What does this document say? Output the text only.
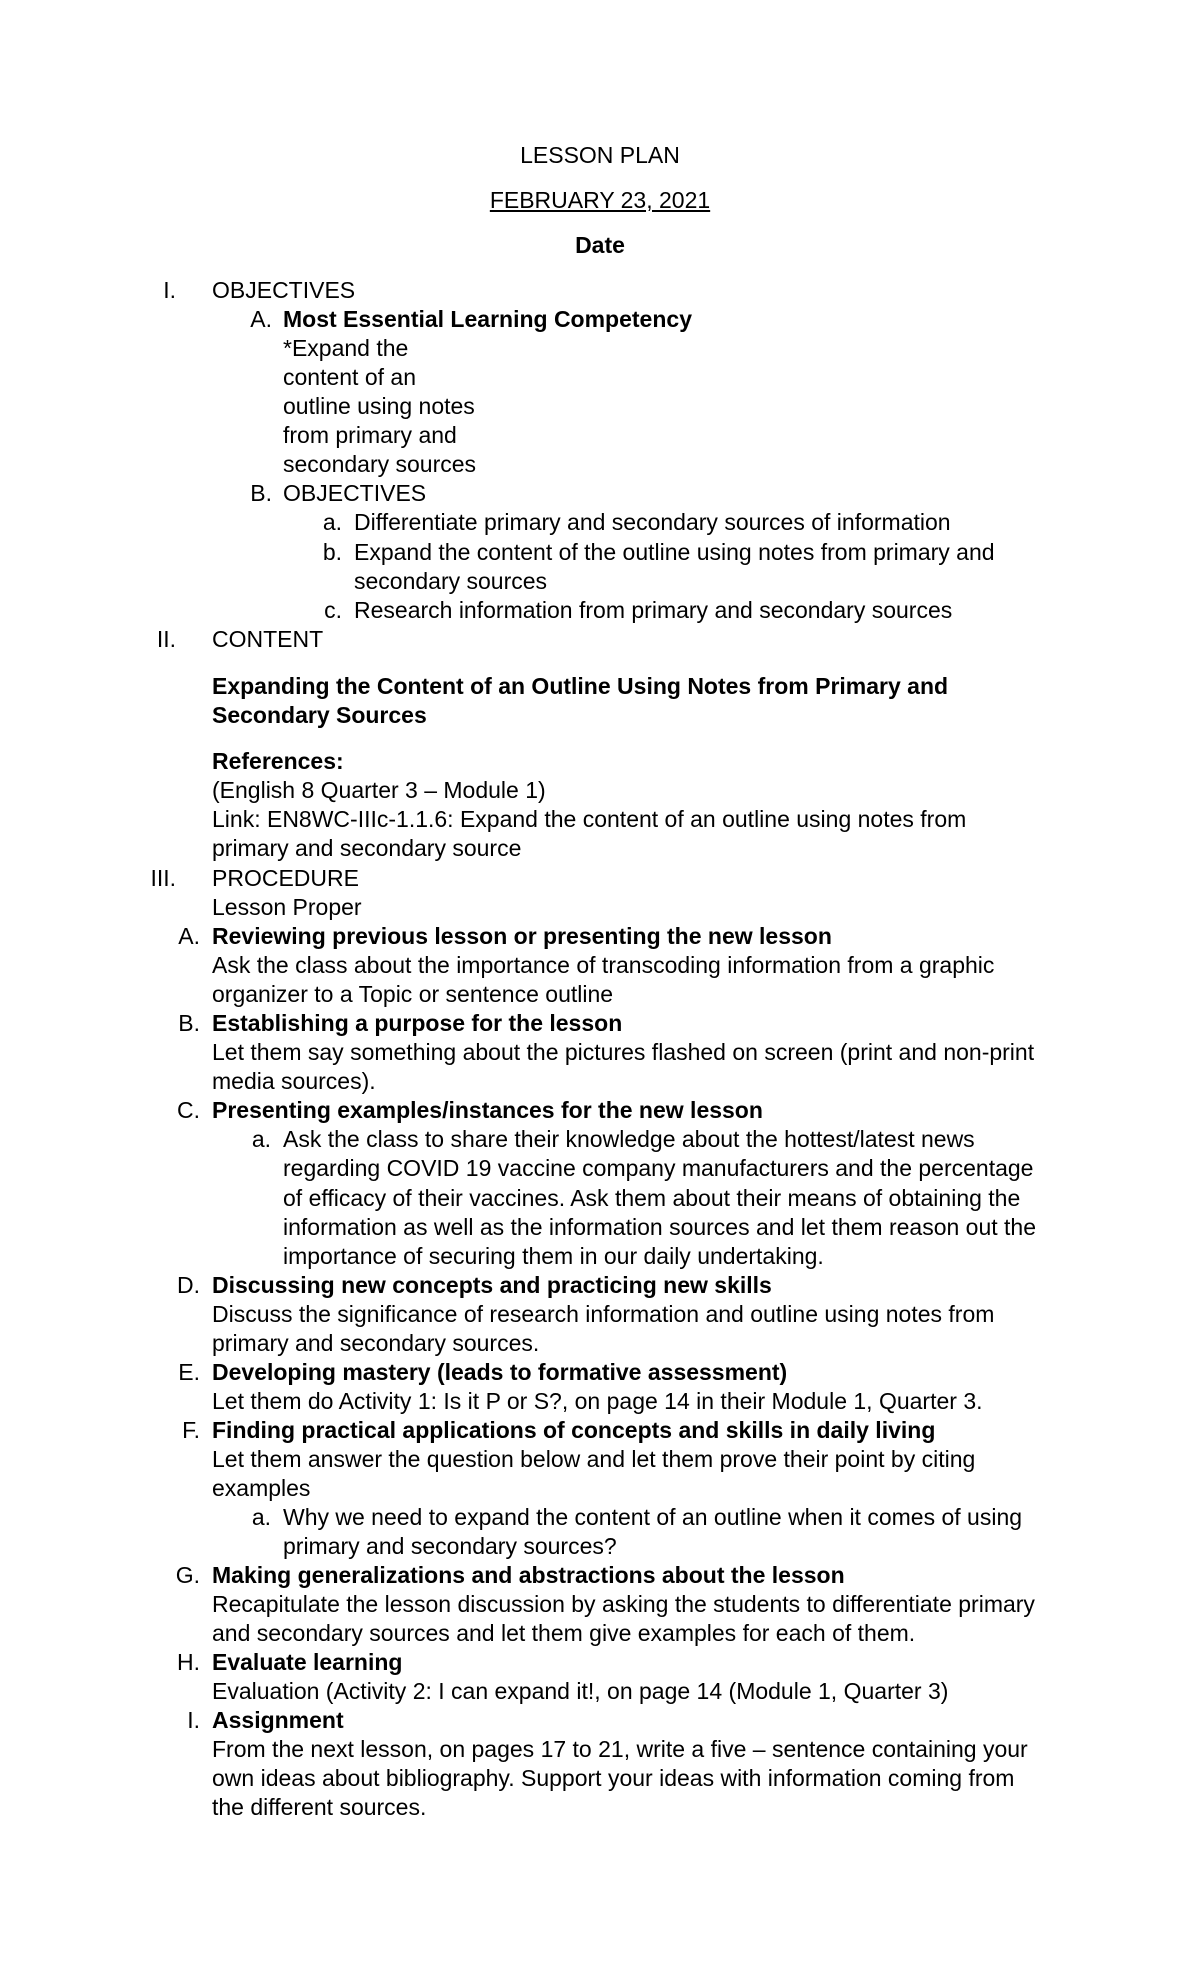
LESSON PLAN
FEBRUARY 23, 2021
Date
I. OBJECTIVES
A. Most Essential Learning Competency
*Expand the
content of an
outline using notes
from primary and
secondary sources
B. OBJECTIVES
a. Differentiate primary and secondary sources of information
b. Expand the content of the outline using notes from primary and
secondary sources
c. Research information from primary and secondary sources
II. CONTENT
Expanding the Content of an Outline Using Notes from Primary and
Secondary Sources
References:
(English 8 Quarter 3 – Module 1)
Link: EN8WC-IIIc-1.1.6: Expand the content of an outline using notes from
primary and secondary source
III. PROCEDURE
Lesson Proper
A. Reviewing previous lesson or presenting the new lesson
Ask the class about the importance of transcoding information from a graphic
organizer to a Topic or sentence outline
B. Establishing a purpose for the lesson
Let them say something about the pictures flashed on screen (print and non-print
media sources).
C. Presenting examples/instances for the new lesson
a. Ask the class to share their knowledge about the hottest/latest news
regarding COVID 19 vaccine company manufacturers and the percentage
of efficacy of their vaccines. Ask them about their means of obtaining the
information as well as the information sources and let them reason out the
importance of securing them in our daily undertaking.
D. Discussing new concepts and practicing new skills
Discuss the significance of research information and outline using notes from
primary and secondary sources.
E. Developing mastery (leads to formative assessment)
Let them do Activity 1: Is it P or S?, on page 14 in their Module 1, Quarter 3.
F. Finding practical applications of concepts and skills in daily living
Let them answer the question below and let them prove their point by citing
examples
a. Why we need to expand the content of an outline when it comes of using
primary and secondary sources?
G. Making generalizations and abstractions about the lesson
Recapitulate the lesson discussion by asking the students to differentiate primary
and secondary sources and let them give examples for each of them.
H. Evaluate learning
Evaluation (Activity 2: I can expand it!, on page 14 (Module 1, Quarter 3)
I. Assignment
From the next lesson, on pages 17 to 21, write a five – sentence containing your
own ideas about bibliography. Support your ideas with information coming from
the different sources.
